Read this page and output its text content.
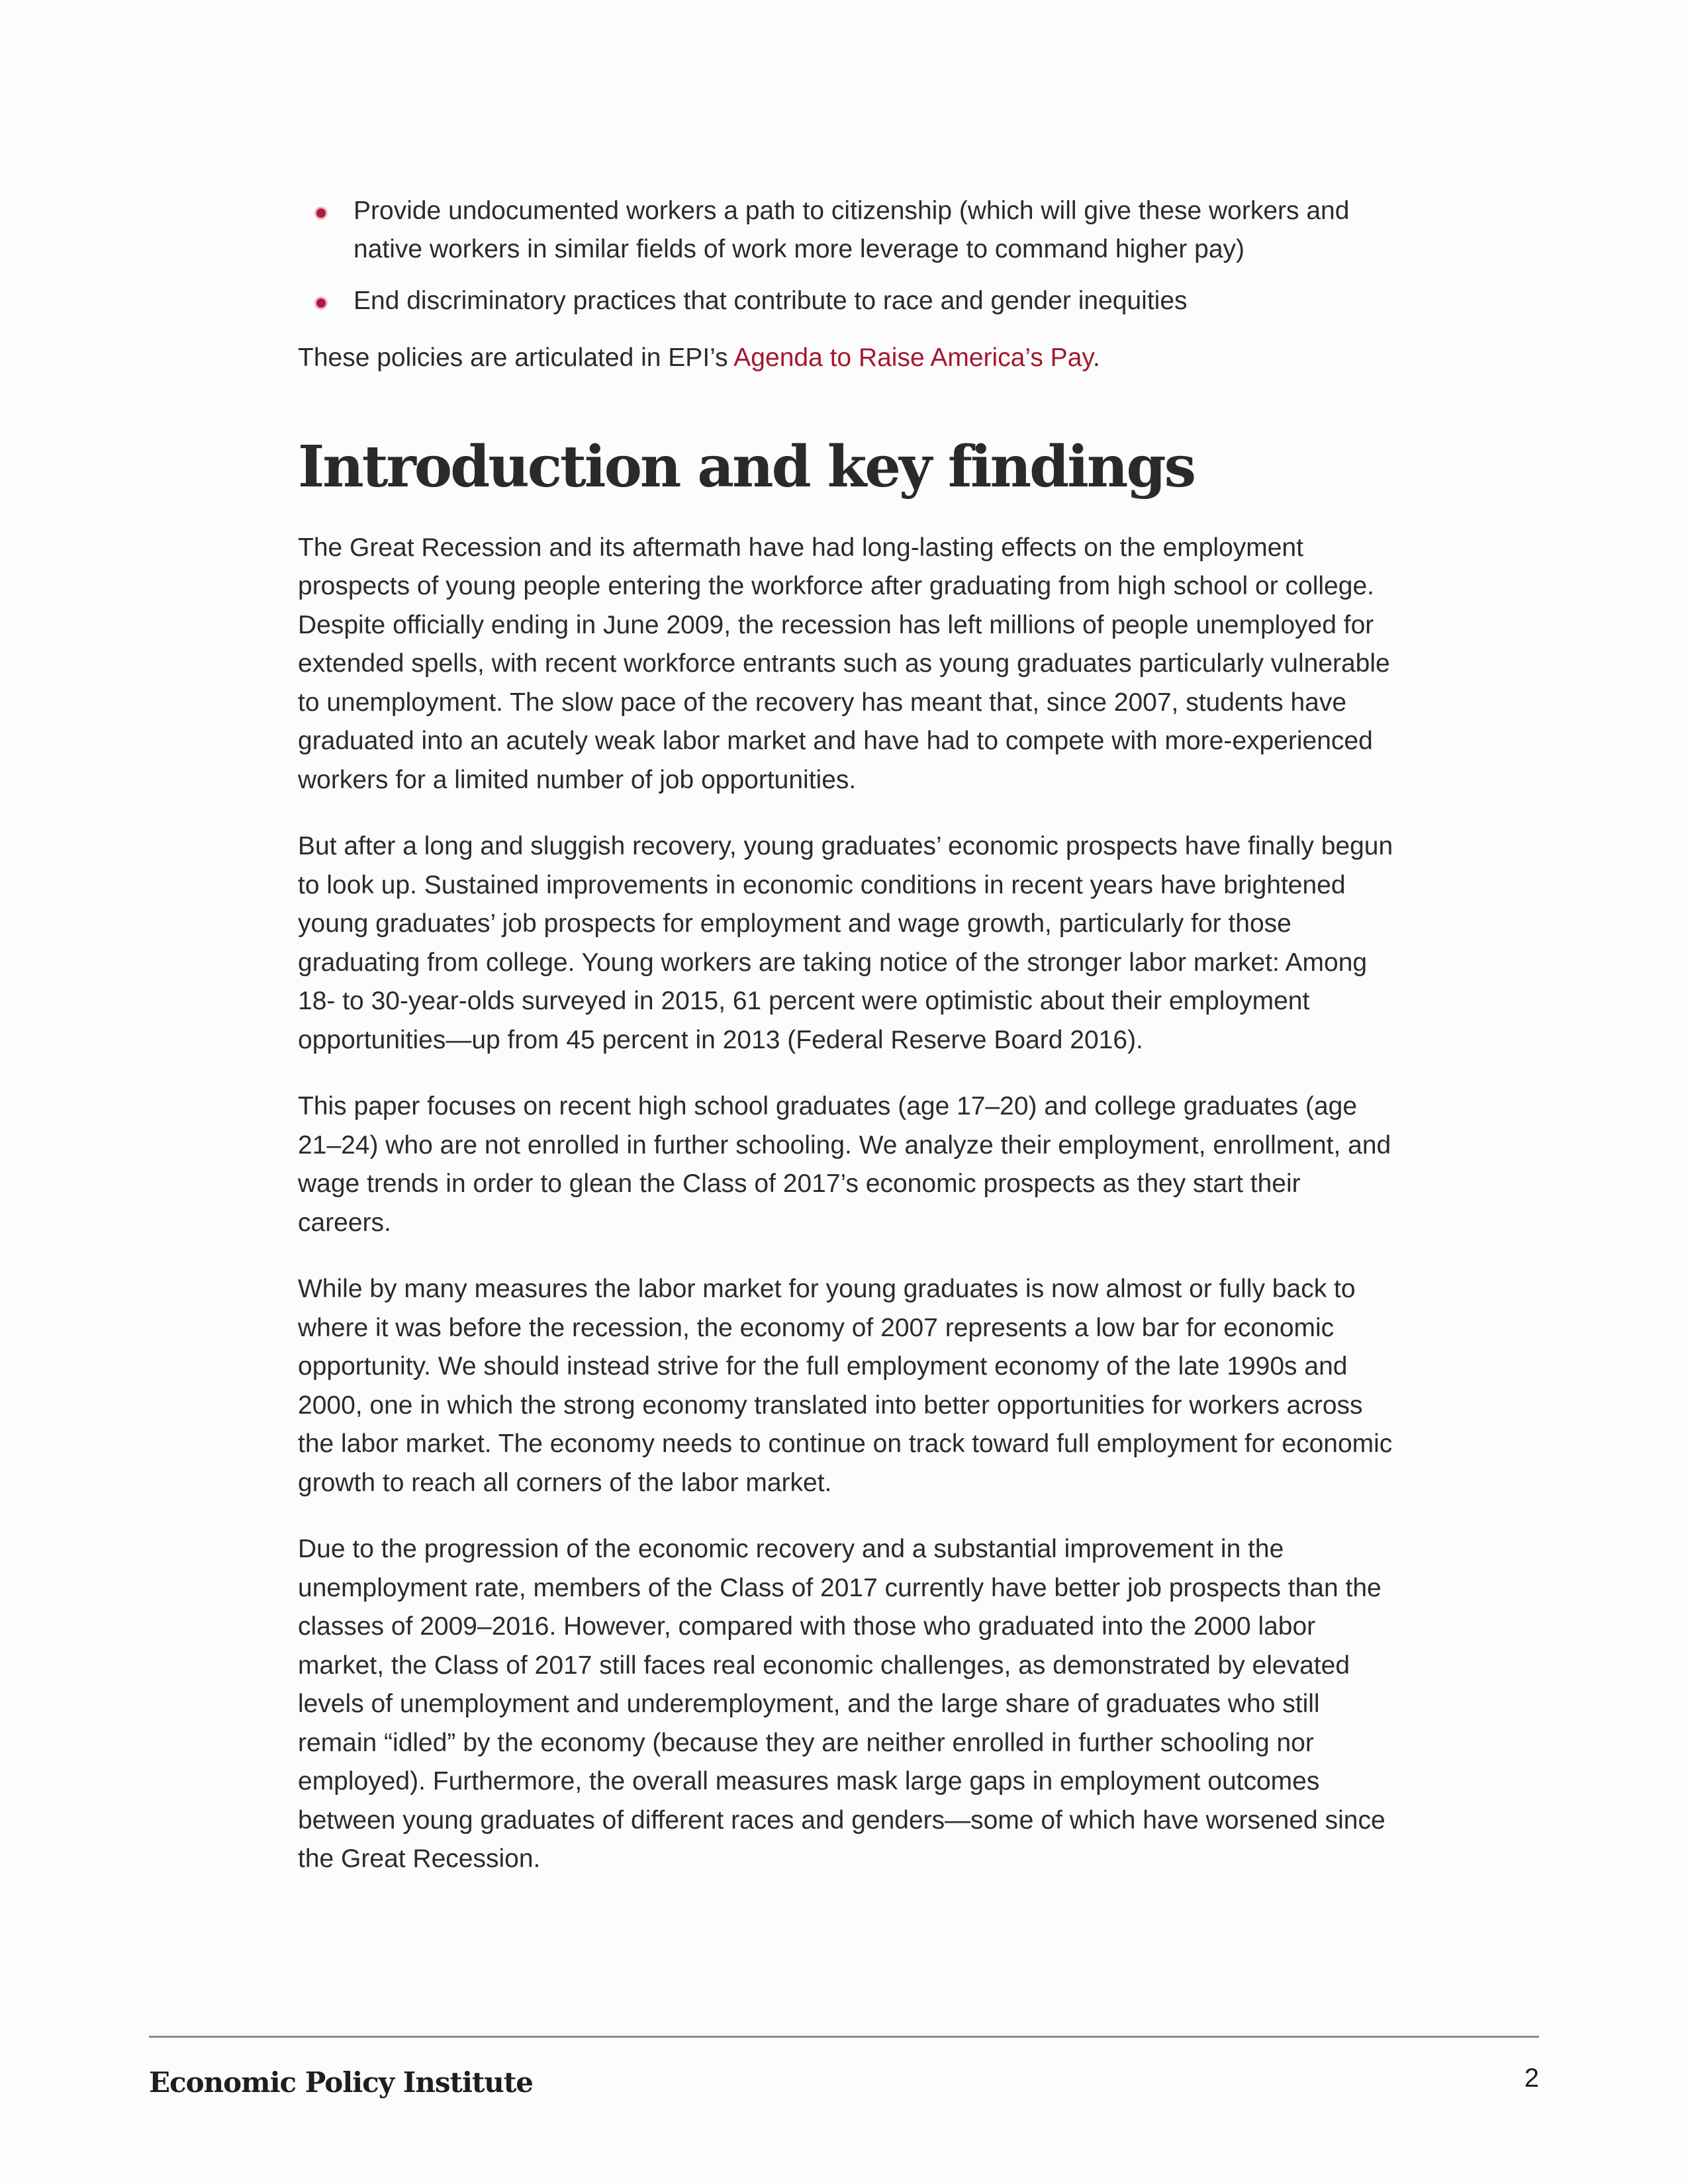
Provide undocumented workers a path to citizenship (which will give these workers and native workers in similar fields of work more leverage to command higher pay)
End discriminatory practices that contribute to race and gender inequities

These policies are articulated in EPI’s Agenda to Raise America’s Pay.

Introduction and key findings

The Great Recession and its aftermath have had long-lasting effects on the employment prospects of young people entering the workforce after graduating from high school or college. Despite officially ending in June 2009, the recession has left millions of people unemployed for extended spells, with recent workforce entrants such as young graduates particularly vulnerable to unemployment. The slow pace of the recovery has meant that, since 2007, students have graduated into an acutely weak labor market and have had to compete with more-experienced workers for a limited number of job opportunities.

But after a long and sluggish recovery, young graduates’ economic prospects have finally begun to look up. Sustained improvements in economic conditions in recent years have brightened young graduates’ job prospects for employment and wage growth, particularly for those graduating from college. Young workers are taking notice of the stronger labor market: Among 18- to 30-year-olds surveyed in 2015, 61 percent were optimistic about their employment opportunities—up from 45 percent in 2013 (Federal Reserve Board 2016).

This paper focuses on recent high school graduates (age 17–20) and college graduates (age 21–24) who are not enrolled in further schooling. We analyze their employment, enrollment, and wage trends in order to glean the Class of 2017’s economic prospects as they start their careers.

While by many measures the labor market for young graduates is now almost or fully back to where it was before the recession, the economy of 2007 represents a low bar for economic opportunity. We should instead strive for the full employment economy of the late 1990s and 2000, one in which the strong economy translated into better opportunities for workers across the labor market. The economy needs to continue on track toward full employment for economic growth to reach all corners of the labor market.

Due to the progression of the economic recovery and a substantial improvement in the unemployment rate, members of the Class of 2017 currently have better job prospects than the classes of 2009–2016. However, compared with those who graduated into the 2000 labor market, the Class of 2017 still faces real economic challenges, as demonstrated by elevated levels of unemployment and underemployment, and the large share of graduates who still remain “idled” by the economy (because they are neither enrolled in further schooling nor employed). Furthermore, the overall measures mask large gaps in employment outcomes between young graduates of different races and genders—some of which have worsened since the Great Recession.

Economic Policy Institute	2
